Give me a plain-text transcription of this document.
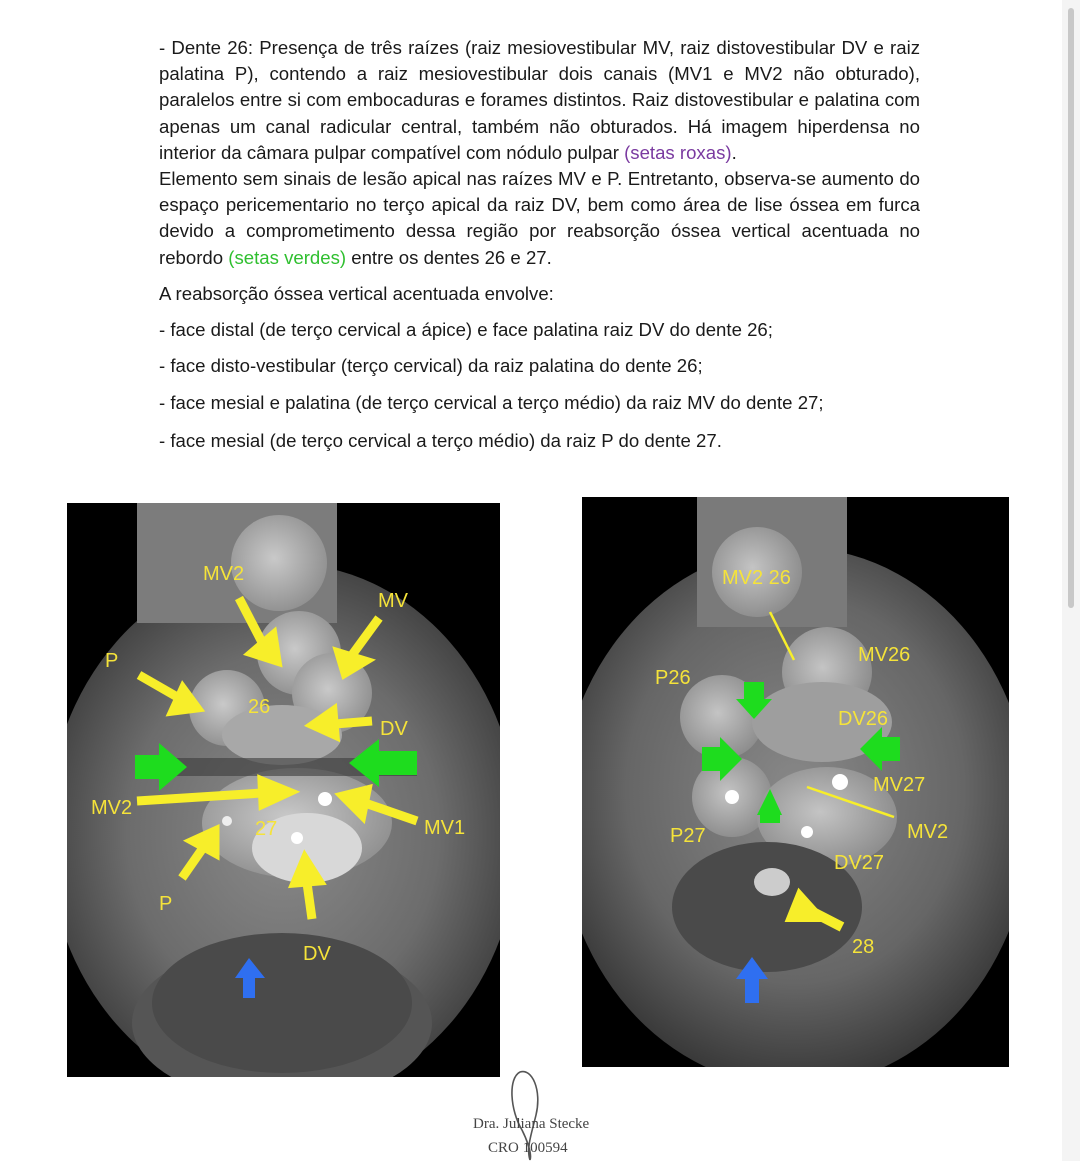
- Dente 26: Presença de três raízes (raiz mesiovestibular MV, raiz distovestibular DV e raiz palatina P), contendo a raiz mesiovestibular dois canais (MV1 e MV2 não obturado), paralelos entre si com embocaduras e forames distintos. Raiz distovestibular e palatina com apenas um canal radicular central, também não obturados. Há imagem hiperdensa no interior da câmara pulpar compatível com nódulo pulpar (setas roxas).

Elemento sem sinais de lesão apical nas raízes MV e P. Entretanto, observa-se aumento do espaço pericementario no terço apical da raiz DV, bem como área de lise óssea em furca devido a comprometimento dessa região por reabsorção óssea vertical acentuada no rebordo (setas verdes) entre os dentes 26 e 27.

A reabsorção óssea vertical acentuada envolve:

- face distal (de terço cervical a ápice) e face palatina raiz DV do dente 26;

- face disto-vestibular (terço cervical) da raiz palatina do dente 26;

- face mesial e palatina (de terço cervical a terço médio) da raiz MV do dente 27;

- face mesial (de terço cervical a terço médio) da raiz P do dente 27.

MV2
MV
P
26
DV
MV2
MV1
27
P
DV
MV2 26
MV26
P26
DV26
MV27
MV2
P27
DV27
28
Dra. Juliana Stecke
CRO 100594
